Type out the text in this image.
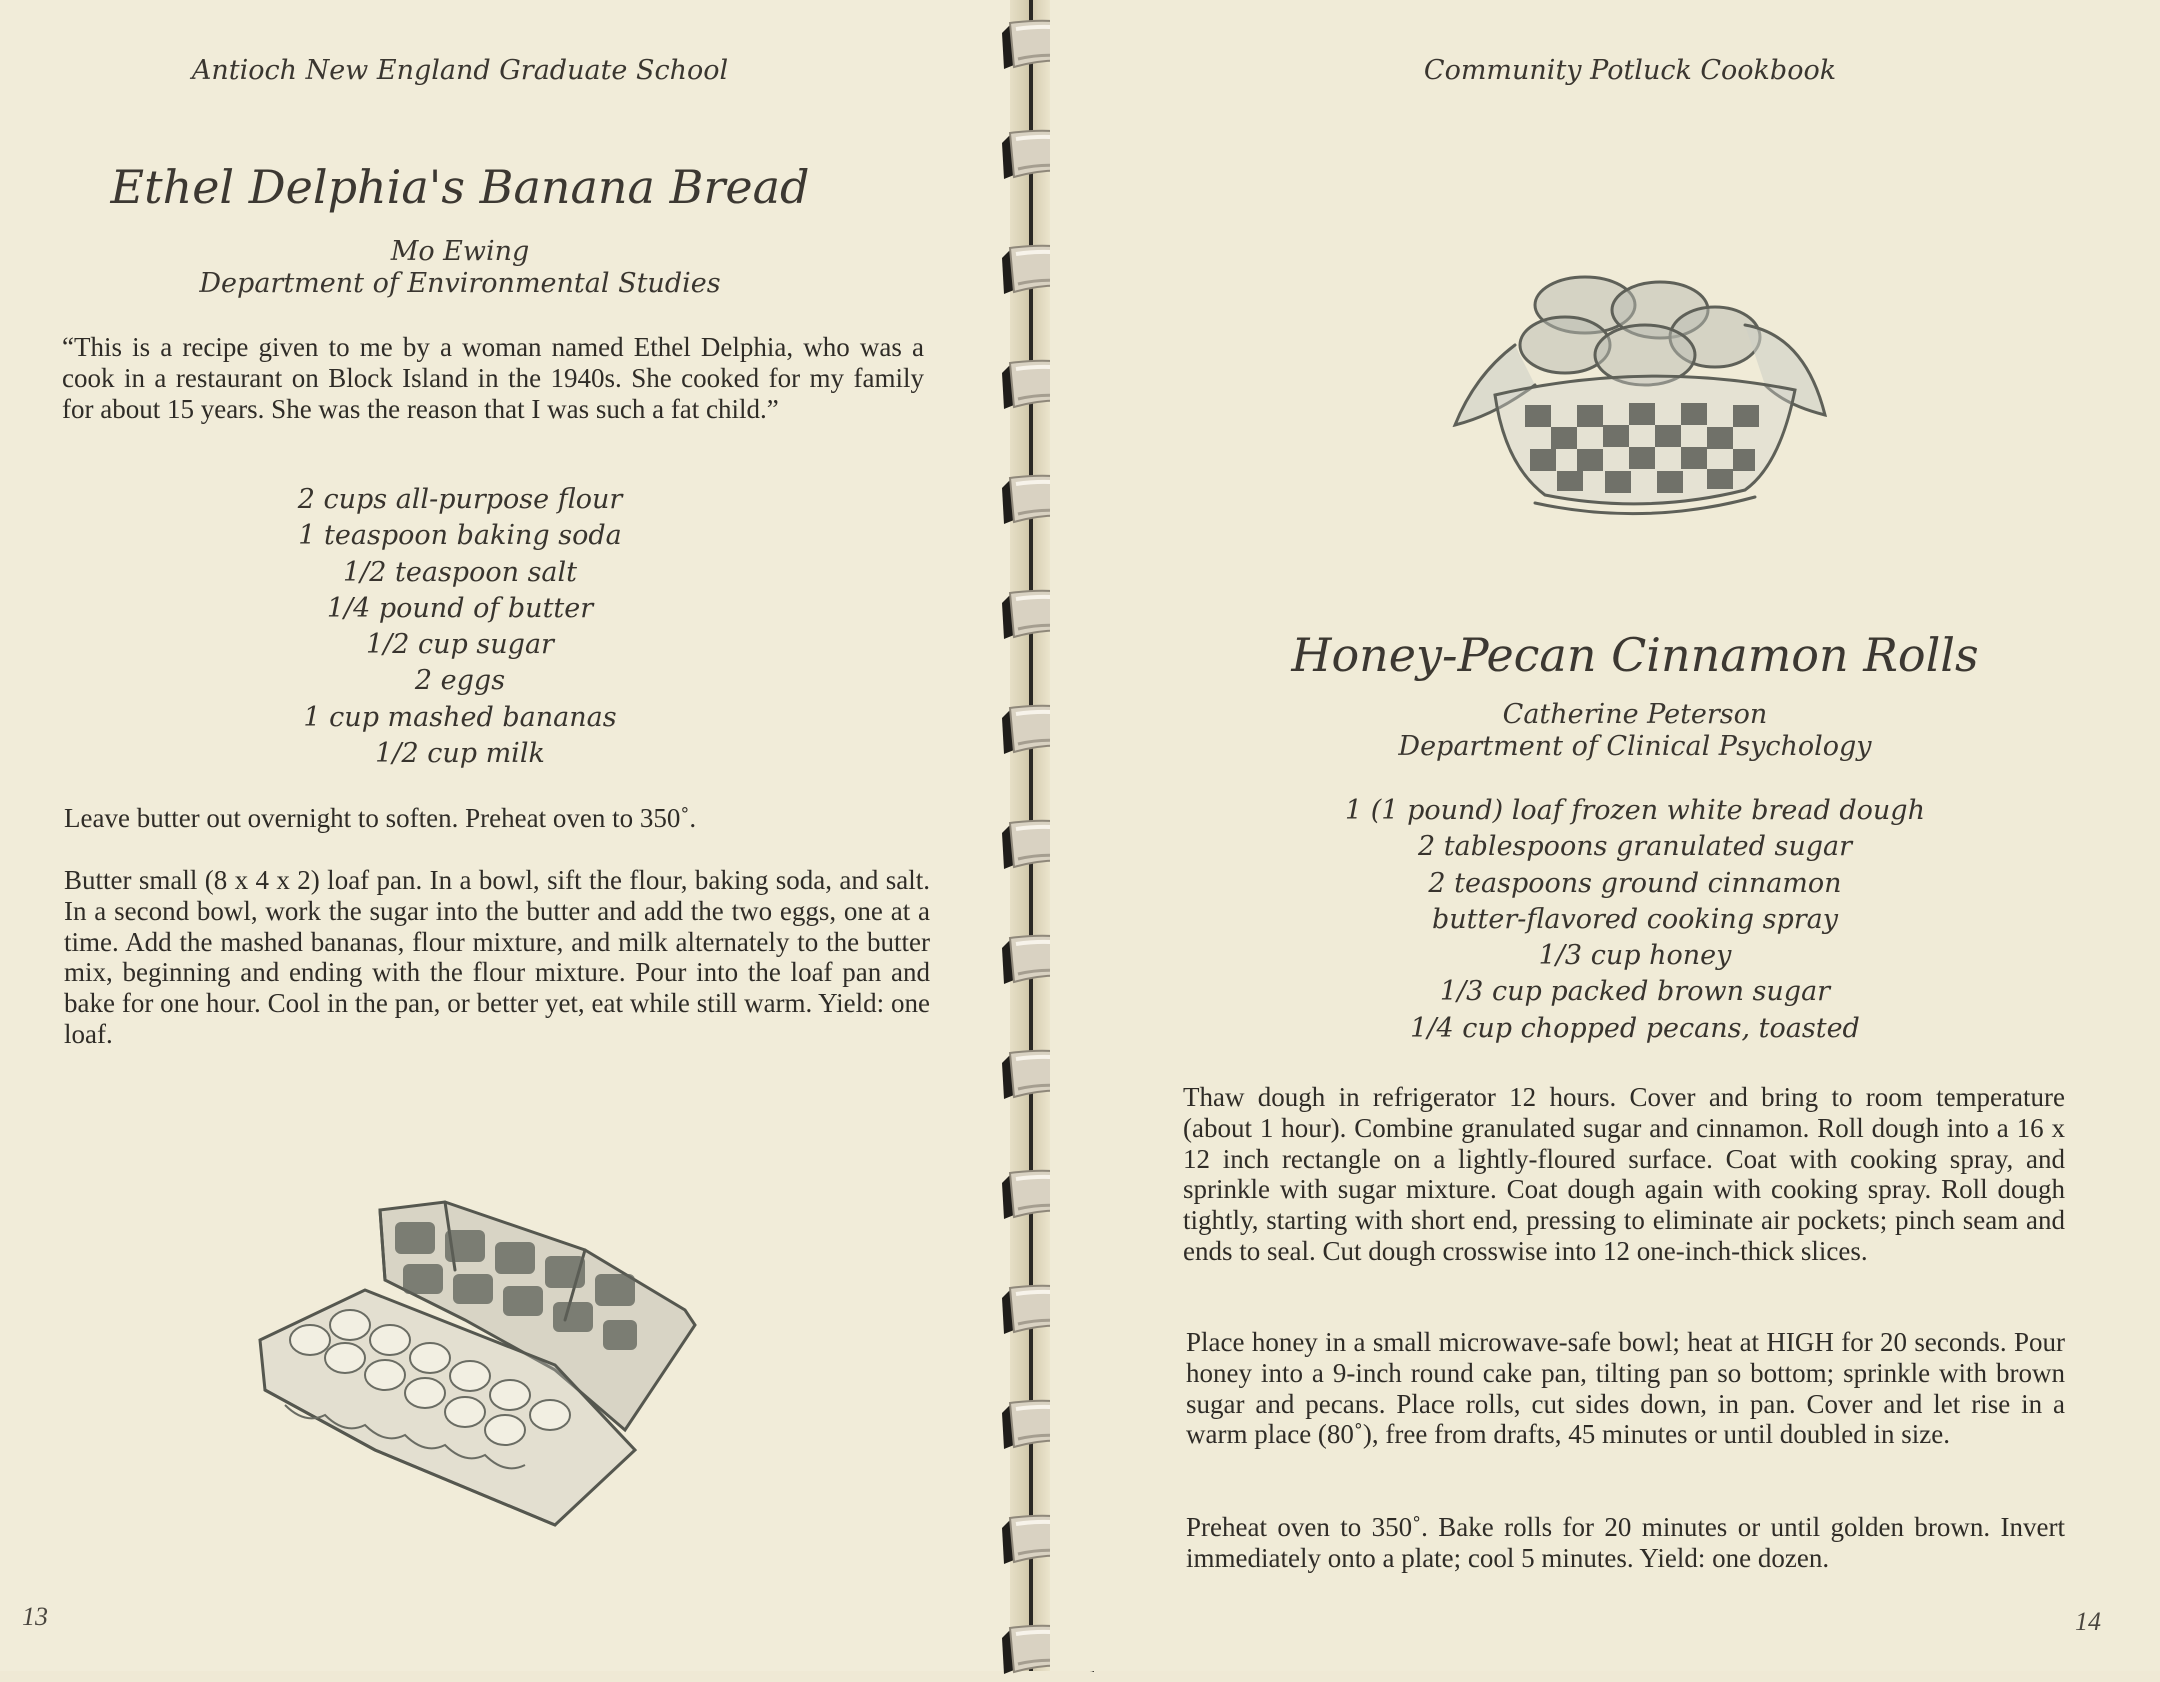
Antioch New England Graduate School
Ethel Delphia's Banana Bread
Mo Ewing
Department of Environmental Studies

“This is a recipe given to me by a woman named Ethel Delphia, who was a cook in a restaurant on Block Island in the 1940s. She cooked for my family for about 15 years. She was the reason that I was such a fat child.”

2 cups all-purpose flour
1 teaspoon baking soda
1/2 teaspoon salt
1/4 pound of butter
1/2 cup sugar
2 eggs
1 cup mashed bananas
1/2 cup milk

Leave butter out overnight to soften. Preheat oven to 350˚.

Butter small (8 x 4 x 2) loaf pan. In a bowl, sift the flour, baking soda, and salt. In a second bowl, work the sugar into the butter and add the two eggs, one at a time. Add the mashed bananas, flour mixture, and milk alternately to the butter mix, beginning and ending with the flour mixture. Pour into the loaf pan and bake for one hour. Cool in the pan, or better yet, eat while still warm. Yield: one loaf.

13
Community Potluck Cookbook
Honey-Pecan Cinnamon Rolls
Catherine Peterson
Department of Clinical Psychology
1 (1 pound) loaf frozen white bread dough
2 tablespoons granulated sugar
2 teaspoons ground cinnamon
butter-flavored cooking spray
1/3 cup honey
1/3 cup packed brown sugar
1/4 cup chopped pecans, toasted

Thaw dough in refrigerator 12 hours. Cover and bring to room temperature (about 1 hour). Combine granulated sugar and cinnamon. Roll dough into a 16 x 12 inch rectangle on a lightly-floured surface. Coat with cooking spray, and sprinkle with sugar mixture. Coat dough again with cooking spray. Roll dough tightly, starting with short end, pressing to eliminate air pockets; pinch seam and ends to seal. Cut dough crosswise into 12 one-inch-thick slices.

Place honey in a small microwave-safe bowl; heat at HIGH for 20 seconds. Pour honey into a 9-inch round cake pan, tilting pan so bottom; sprinkle with brown sugar and pecans. Place rolls, cut sides down, in pan. Cover and let rise in a warm place (80˚), free from drafts, 45 minutes or until doubled in size.

Preheat oven to 350˚. Bake rolls for 20 minutes or until golden brown. Invert immediately onto a plate; cool 5 minutes. Yield: one dozen.

14
